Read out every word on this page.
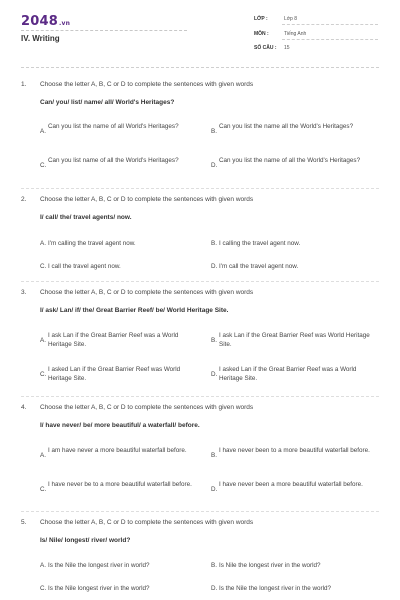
2048.vn
IV. Writing
LỚP :	Lớp 8
MÔN :	Tiếng Anh
SỐ CÂU : 15
1. Choose the letter A, B, C or D to complete the sentences with given words
Can/ you/ list/ name/ all/ World's Heritages?
A.
Can you list the name of all World's Heritages?
B.
Can you list the name all the World's Heritages?
C.
Can you list name of all the World's Heritages?
D.
Can you list the name of all the World's Heritages?
2. Choose the letter A, B, C or D to complete the sentences with given words
I/ call/ the/ travel agents/ now.
A. I'm calling the travel agent now.	B. I calling the travel agent now.
C. I call the travel agent now.	D. I'm call the travel agent now.
3. Choose the letter A, B, C or D to complete the sentences with given words
I/ ask/ Lan/ if/ the/ Great Barrier Reef/ be/ World Heritage Site.
A.
I ask Lan if the Great Barrier Reef was a World Heritage Site.
B.
I ask Lan if the Great Barrier Reef was World Heritage Site.
C.
I asked Lan if the Great Barrier Reef was World Heritage Site.
D.
I asked Lan if the Great Barrier Reef was a World Heritage Site.
4. Choose the letter A, B, C or D to complete the sentences with given words
I/ have never/ be/ more beautiful/ a waterfall/ before.
A.
I am have never a more beautiful waterfall before.
B.
I have never been to a more beautiful waterfall before.
C.
I have never be to a more beautiful waterfall before.
D.
I have never been a more beautiful waterfall before.
5. Choose the letter A, B, C or D to complete the sentences with given words
Is/ Nile/ longest/ river/ world?
A. Is the Nile the longest river in world?	B. Is Nile the longest river in the world?
C. Is the Nile longest river in the world?	D. Is the Nile the longest river in the world?
